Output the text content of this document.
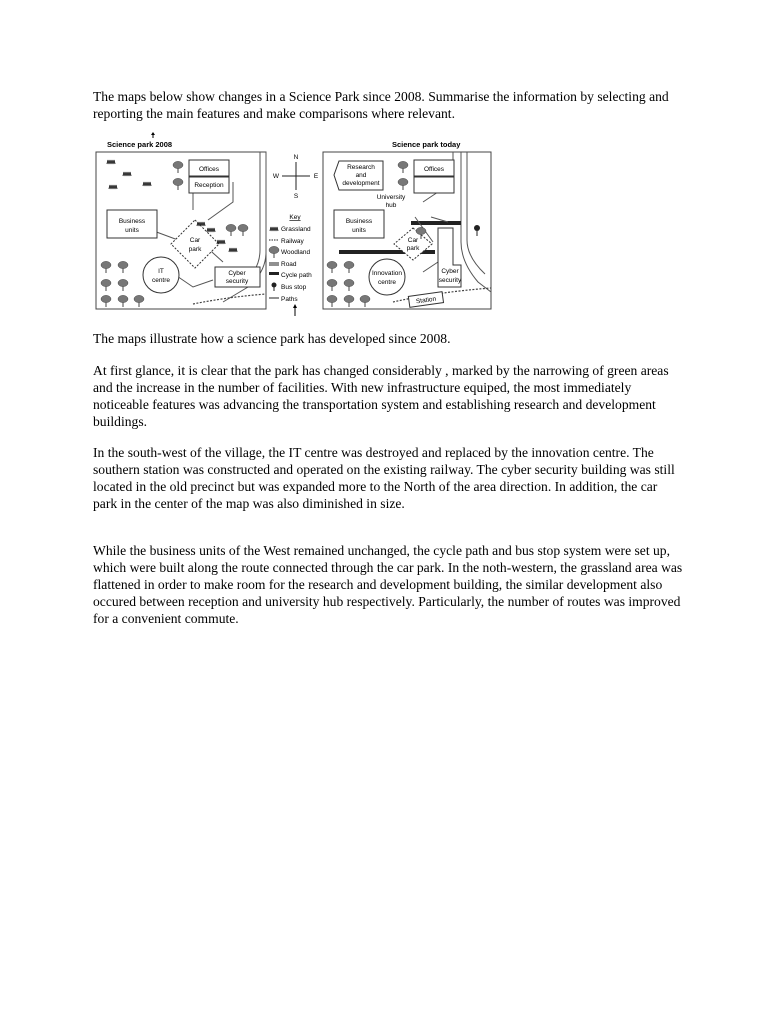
The maps below show changes in a Science Park since 2008. Summarise the information by selecting and reporting the main features and make comparisons where relevant.

Science park 2008
Offices
Reception
Business
units
Car
park
IT
centre
Cyber
security
N
S
W	E
Key
Grassland
Railway
Woodland
Road
Cycle path
Bus stop
Paths
Science park today
Research
and
development
Offices
University
hub
Business
units
Car
park
Innovation
centre
Cyber
security
Station

The maps illustrate how a science park has developed since 2008.

At first glance, it is clear that the park has changed considerably , marked by the narrowing of green areas and the increase in the number of facilities. With new infrastructure equiped, the most immediately noticeable features was advancing the transportation system and establishing research and development buildings.

In the south-west of the village, the IT centre was destroyed and replaced by the innovation centre. The southern station was constructed and operated on the existing railway. The cyber security building was still located in the old precinct but was expanded more to the North of the area direction. In addition, the car park in the center of the map was also diminished in size.

While the business units of the West remained unchanged, the cycle path and bus stop system were set up, which were built along the route connected through the car park. In the noth-western, the grassland area was flattened in order to make room for the research and development building, the similar development also occured between reception and university hub respectively. Particularly, the number of routes was improved for a convenient commute.
